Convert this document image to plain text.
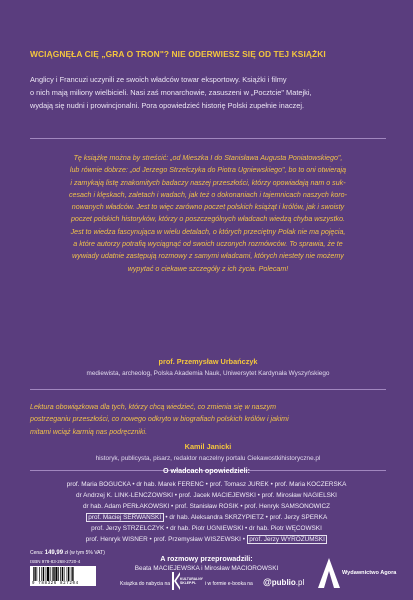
WCIĄGNĘŁA CIĘ „GRA O TRON"? NIE ODERWIESZ SIĘ OD TEJ KSIĄŻKI
Anglicy i Francuzi uczynili ze swoich władców towar eksportowy. Książki i filmy
o nich mają miliony wielbicieli. Nasi zaś monarchowie, zasuszeni w „Pocztcie" Matejki,
wydają się nudni i prowincjonalni. Pora opowiedzieć historię Polski zupełnie inaczej.
Tę książkę można by streścić: „od Mieszka I do Stanisława Augusta Poniatowskiego",
lub równie dobrze: „od Jerzego Strzelczyka do Piotra Ugniewskiego", bo to oni otwierają
i zamykają listę znakomitych badaczy naszej przeszłości, którzy opowiadają nam o suk-
cesach i klęskach, zaletach i wadach, jak też o dokonaniach i tajemnicach naszych koro-
nowanych władców. Jest to więc zarówno poczet polskich książąt i królów, jak i swoisty
poczet polskich historyków, którzy o poszczególnych władcach wiedzą chyba wszystko.
Jest to wiedza fascynująca w wielu detalach, o których przeciętny Polak nie ma pojęcia,
a które autorzy potrafią wyciągnąć od swoich uczonych rozmówców. To sprawia, że te
wywiady udatnie zastępują rozmowy z samymi władcami, których niestety nie możemy
wypytać o ciekawe szczegóły z ich życia. Polecam!
prof. Przemysław Urbańczyk
mediewista, archeolog, Polska Akademia Nauk, Uniwersytet Kardynała Wyszyńskiego
Lektura obowiązkowa dla tych, którzy chcą wiedzieć, co zmienia się w naszym
postrzeganiu przeszłości, co nowego odkryto w biografiach polskich królów i jakimi
mitami wciąż karmią nas podręczniki.
Kamil Janicki
historyk, publicysta, pisarz, redaktor naczelny portalu Ciekawostkihistoryczne.pl
O władcach opowiedzieli:
prof. Maria BOGUCKA • dr hab. Marek FERENC • prof. Tomasz JUREK • prof. Maria KOCZERSKA
dr Andrzej K. LINK-LENCZOWSKI • prof. Jacek MACIEJEWSKI • prof. Mirosław NAGIELSKI
dr hab. Adam PERŁAKOWSKI • prof. Stanisław ROSIK • prof. Henryk SAMSONOWICZ
prof. Maciej SERWAŃSKI • dr hab. Aleksandra SKRZYPIETZ • prof. Jerzy SPERKA
prof. Jerzy STRZELCZYK • dr hab. Piotr UGNIEWSKI • dr hab. Piotr WĘCOWSKI
prof. Henryk WISNER • prof. Przemysław WISZEWSKI • prof. Jerzy WYROZUMSKI
A rozmowy przeprowadzili:
Beata MACIEJEWSKA i Mirosław MACIOROWSKI
Cena: 149,99 zł (w tym 5% VAT)
ISBN 978-83-268-2720-4
9 788326 827204	Książka do nabycia na
KULTURALNY SKLEP.PL	i w formie e-booka na @publio.pl
Wydawnictwo Agora
